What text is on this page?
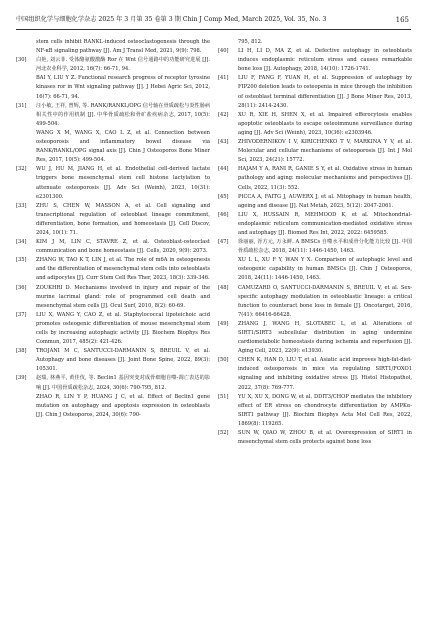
中国组织化学与细胞化学杂志 2025 年 3 月第 35 卷第 3 期 Chin J Comp Med, March 2025, Vol. 35, No. 3	165

stem cells inhibit RANKL-induced osteoclastogenesis through the NF-κB signaling pathway [J]. Am J Transl Med, 2021, 9(9): 798.

[30]	白艳, 刘云菲. 受体酪氨酸激酶 Ror 在 Wnt 信号通路中的功能研究进展 [J]. 河北农业科学, 2012, 16(7): 66-71, 94.

BAI Y, LIU Y Z. Functional research progress of receptor tyrosine kinases ror in Wnt signaling pathway [J]. J Hebei Agric Sci, 2012, 16(7): 66-71, 94.

[31]	汪小敏, 王祥, 曾辉, 等. RANK/RANKL/OPG 信号轴在骨质疏松与炎性肠病相关性中的作用机制 [J]. 中华骨质疏松和骨矿盐疾病杂志, 2017, 10(5): 499-504.

WANG X M, WANG X, CAO L Z, et al. Connection between osteoporosis and inflammatory bowel disease via RANK/RANKL/OPG signal axis [J]. Chin J Osteoporos Bone Miner Res, 2017, 10(5): 499-504.

[32]	WU J, HU M, JIANG H, et al. Endothelial cell-derived lactate triggers bone mesenchymal stem cell histone lactylation to attenuate osteoporosis [J]. Adv Sci (Weinh), 2023, 10(31): e2301300.

[33]	ZHU S, CHEN W, MASSON A, et al. Cell signaling and transcriptional regulation of osteoblast lineage commitment, differentiation, bone formation, and homeostasis [J]. Cell Discov, 2024, 10(1): 71.

[34]	KIM J M, LIN C, STAVRE Z, et al. Osteoblast-osteoclast communication and bone homeostasis [J]. Cells, 2020, 9(9): 2073.

[35]	ZHANG W, TAO K T, LIN J, et al. The role of m6A in osteogenesis and the differentiation of mesenchymal stem cells into osteoblasts and adipocytes [J]. Curr Stem Cell Res Ther, 2023, 18(3): 339-346.

[36]	ZOUKHRI D. Mechanisms involved in injury and repair of the murine lacrimal gland: role of programmed cell death and mesenchymal stem cells [J]. Ocul Surf, 2010, 8(2): 60-69.

[37]	LIU X, WANG Y, CAO Z, et al. Staphylococcal lipoteichoic acid promotes osteogenic differentiation of mouse mesenchymal stem cells by increasing autophagic activity [J]. Biochem Biophys Res Commun, 2017, 485(2): 421-426.

[38]	TROJANI M C, SANTUCCI-DARMANIN S, BREUIL V, et al. Autophagy and bone diseases [J]. Joint Bone Spine, 2022, 89(3): 105301.

[39]	赵瑞, 林燕平, 黄佳伎, 等. Beclin1 基因突变对成骨细胞自噬-凋亡表达的影响 [J]. 中国骨质疏松杂志, 2024, 30(6): 790-795, 812.

ZHAO R, LIN Y P, HUANG J C, et al. Effect of Beclin1 gene mutation on autophagy and apoptosis expression in osteoblasts [J]. Chin J Osteoporos, 2024, 30(6): 790-

795, 812.

[40]	LI H, LI D, MA Z, et al. Defective autophagy in osteoblasts induces endoplasmic reticulum stress and causes remarkable bone loss [J]. Autophagy, 2018, 14(10): 1726-1741.

[41]	LIU F, FANG F, YUAN H, et al. Suppression of autophagy by FIP200 deletion leads to osteopenia in mice through the inhibition of osteoblast terminal differentiation [J]. J Bone Miner Res, 2013, 28(11): 2414-2430.

[42]	XU R, XIE H, SHEN X, et al. Impaired efferocytosis enables apoptotic osteoblasts to escape osteoimmune surveillance during aging [J]. Adv Sci (Weinh), 2023, 10(36): e2303946.

[43]	ZHIVODERNIKOV I V, KIRICHENKO T V, MARKINA Y V, et al. Molecular and cellular mechanisms of osteoporosis [J]. Int J Mol Sci, 2023, 24(21): 15772.

[44]	HAJAM Y A, RANI R, GANIE S Y, et al. Oxidative stress in human pathology and aging: molecular mechanisms and perspectives [J]. Cells, 2022, 11(3): 552.

[45]	PICCA A, FAITG J, AUWERX J, et al. Mitophagy in human health, ageing and disease [J]. Nat Metab, 2023, 5(12): 2047-2061.

[46]	LIU X, HUSSAIN R, MEHMOOD K, et al. Mitochondrial-endoplasmic reticulum communication-mediated oxidative stress and autophagy [J]. Biomed Res Int, 2022, 2022: 6459585.

[47]	徐丽丽, 胥方元, 万永鲜. A BMSCs 自噬水平和成骨分化能力比较 [J]. 中国骨质疏松杂志, 2018, 24(11): 1446-1450, 1463.

XU L L, XU F Y, WAN Y X. Comparison of autophagic level and osteogenic capability in human BMSCs [J]. Chin J Osteoporos, 2018, 24(11): 1446-1450, 1463.

[48]	CAMUZARD O, SANTUCCI-DARMANIN S, BREUIL V, et al. Sex-specific autophagy modulation in osteoblastic lineage: a critical function to counteract bone loss in female [J]. Oncotarget, 2016, 7(41): 66416-66428.

[49]	ZHANG J, WANG H, SLOTABEC L, et al. Alterations of SIRT1/SIRT3 subcellular distribution in aging undermine cardiometabolic homeostasis during ischemia and reperfusion [J]. Aging Cell, 2023, 22(9): e13930.

[50]	CHEN K, HAN D, LIU T, et al. Asiatic acid improves high-fat-diet-induced osteoporosis in mice via regulating SIRT1/FOXO1 signaling and inhibiting oxidative stress [J]. Histol Histopathol, 2022, 37(8): 769-777.

[51]	YU X, XU X, DONG W, et al. DDIT3/CHOP mediates the inhibitory effect of ER stress on chondrocyte differentiation by AMPKα-SIRT1 pathway [J]. Biochim Biophys Acta Mol Cell Res, 2022, 1869(8): 119265.

[52]	SUN W, QIAO W, ZHOU B, et al. Overexpression of SIRT1 in mesenchymal stem cells protects against bone loss
